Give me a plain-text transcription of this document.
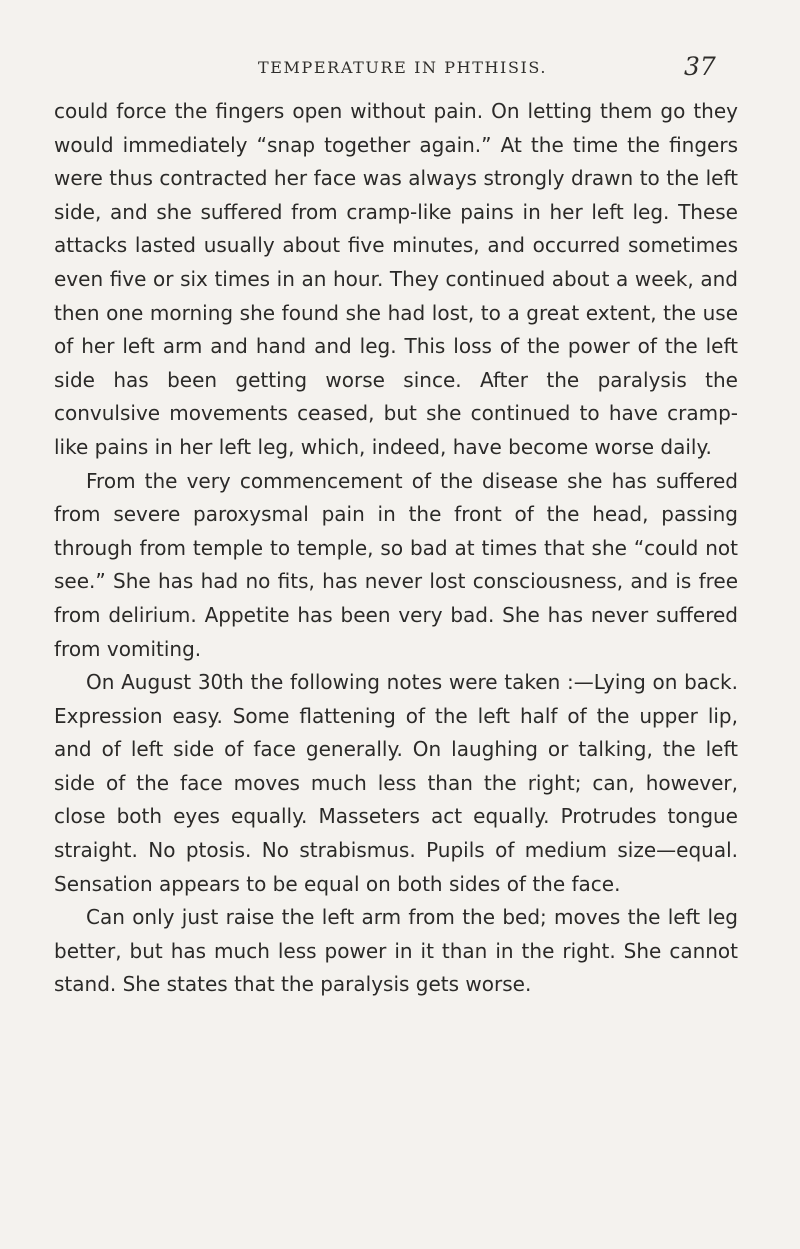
TEMPERATURE IN PHTHISIS.	37

could force the fingers open without pain. On letting them go they would immediately “snap together again.” At the time the fingers were thus contracted her face was always strongly drawn to the left side, and she suffered from cramp-like pains in her left leg. These attacks lasted usually about five minutes, and occurred sometimes even five or six times in an hour. They continued about a week, and then one morning she found she had lost, to a great extent, the use of her left arm and hand and leg. This loss of the power of the left side has been getting worse since. After the paralysis the convulsive movements ceased, but she continued to have cramp-like pains in her left leg, which, indeed, have become worse daily.

From the very commencement of the disease she has suffered from severe paroxysmal pain in the front of the head, passing through from temple to temple, so bad at times that she “could not see.” She has had no fits, has never lost consciousness, and is free from delirium. Appetite has been very bad. She has never suffered from vomiting.

On August 30th the following notes were taken :—Lying on back. Expression easy. Some flattening of the left half of the upper lip, and of left side of face generally. On laughing or talking, the left side of the face moves much less than the right; can, however, close both eyes equally. Masseters act equally. Protrudes tongue straight. No ptosis. No strabismus. Pupils of medium size—equal. Sensation appears to be equal on both sides of the face.

Can only just raise the left arm from the bed; moves the left leg better, but has much less power in it than in the right. She cannot stand. She states that the paralysis gets worse.
